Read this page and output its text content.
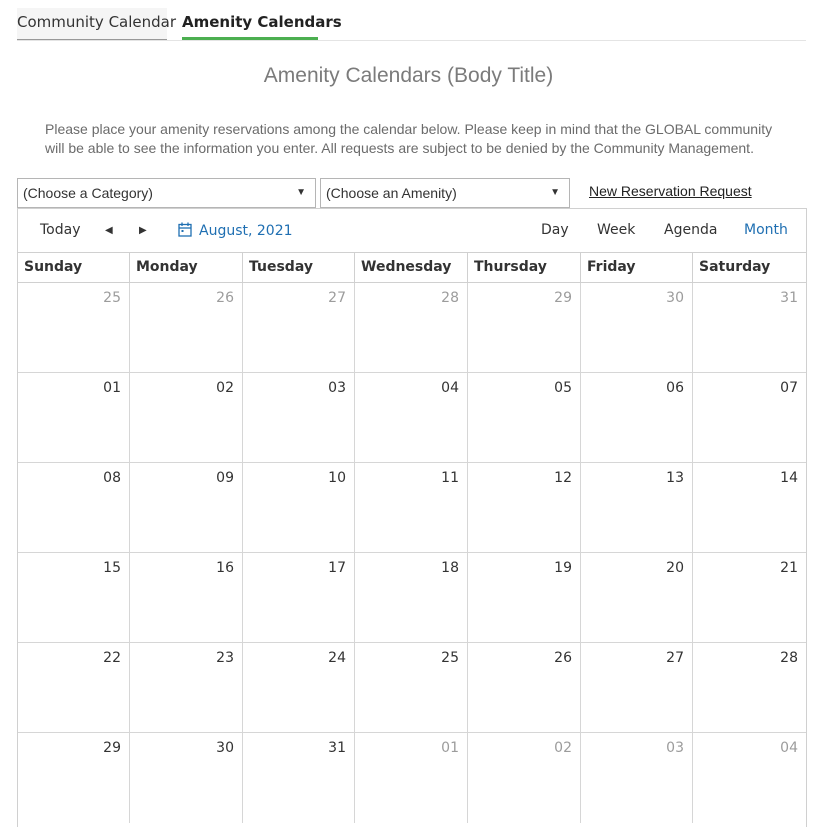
Community Calendar Amenity Calendars
Amenity Calendars (Body Title)
Please place your amenity reservations among the calendar below. Please keep in mind that the GLOBAL community will be able to see the information you enter. All requests are subject to be denied by the Community Management.
(Choose a Category)	▼	(Choose an Amenity)	▼ New Reservation Request
Today ◀	▶	August, 2021	Day Week Agenda Month
Sunday	Monday	Tuesday	Wednesday	Thursday	Friday	Saturday
25	26	27	28	29	30	31
01	02	03	04	05	06	07
08	09	10	11	12	13	14
15	16	17	18	19	20	21
22	23	24	25	26	27	28
29	30	31	01	02	03	04
